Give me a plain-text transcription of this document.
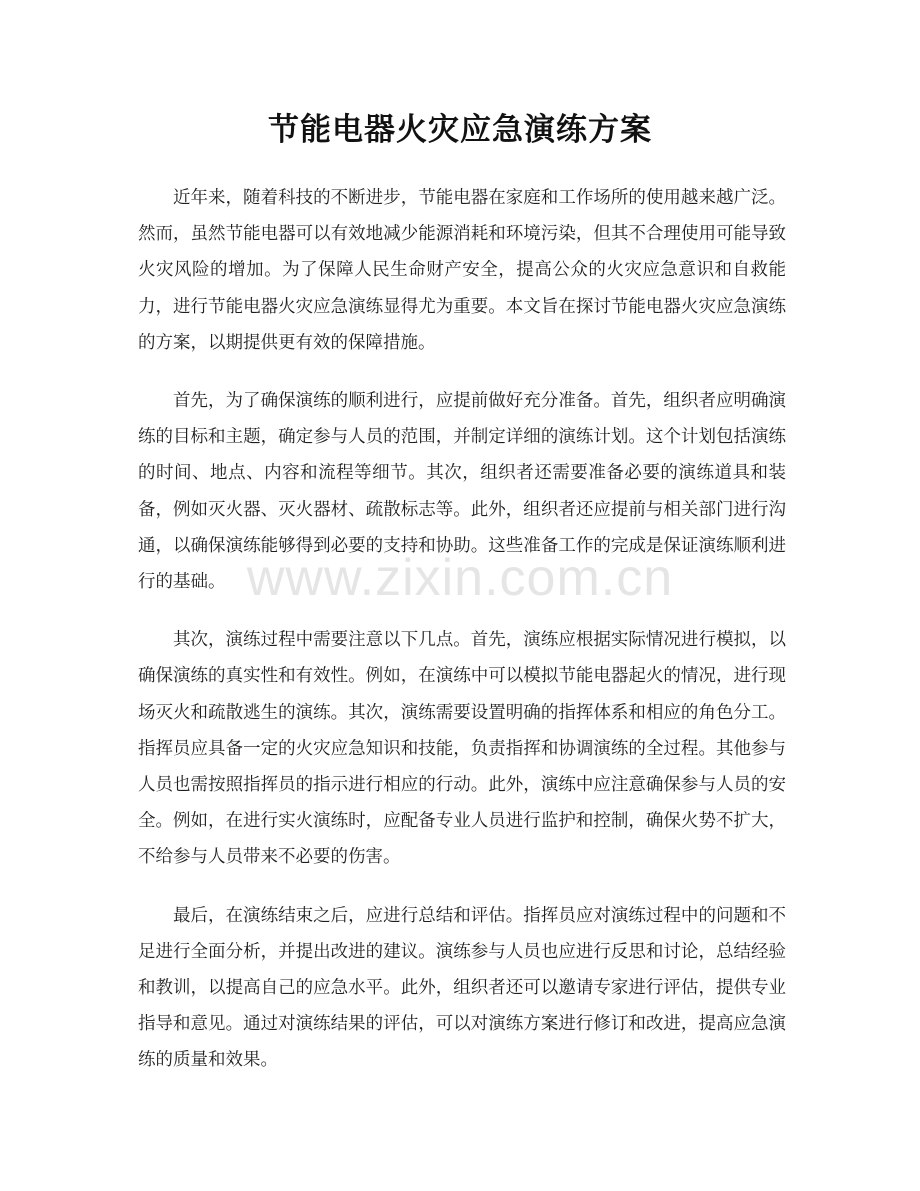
节能电器火灾应急演练方案

近年来，随着科技的不断进步，节能电器在家庭和工作场所的使用越来越广泛。然而，虽然节能电器可以有效地减少能源消耗和环境污染，但其不合理使用可能导致火灾风险的增加。为了保障人民生命财产安全，提高公众的火灾应急意识和自救能力，进行节能电器火灾应急演练显得尤为重要。本文旨在探讨节能电器火灾应急演练的方案，以期提供更有效的保障措施。

首先，为了确保演练的顺利进行，应提前做好充分准备。首先，组织者应明确演练的目标和主题，确定参与人员的范围，并制定详细的演练计划。这个计划包括演练的时间、地点、内容和流程等细节。其次，组织者还需要准备必要的演练道具和装备，例如灭火器、灭火器材、疏散标志等。此外，组织者还应提前与相关部门进行沟通，以确保演练能够得到必要的支持和协助。这些准备工作的完成是保证演练顺利进行的基础。

其次，演练过程中需要注意以下几点。首先，演练应根据实际情况进行模拟，以确保演练的真实性和有效性。例如，在演练中可以模拟节能电器起火的情况，进行现场灭火和疏散逃生的演练。其次，演练需要设置明确的指挥体系和相应的角色分工。指挥员应具备一定的火灾应急知识和技能，负责指挥和协调演练的全过程。其他参与人员也需按照指挥员的指示进行相应的行动。此外，演练中应注意确保参与人员的安全。例如，在进行实火演练时，应配备专业人员进行监护和控制，确保火势不扩大，不给参与人员带来不必要的伤害。

最后，在演练结束之后，应进行总结和评估。指挥员应对演练过程中的问题和不足进行全面分析，并提出改进的建议。演练参与人员也应进行反思和讨论，总结经验和教训，以提高自己的应急水平。此外，组织者还可以邀请专家进行评估，提供专业指导和意见。通过对演练结果的评估，可以对演练方案进行修订和改进，提高应急演练的质量和效果。

www.zixin.com.cn
